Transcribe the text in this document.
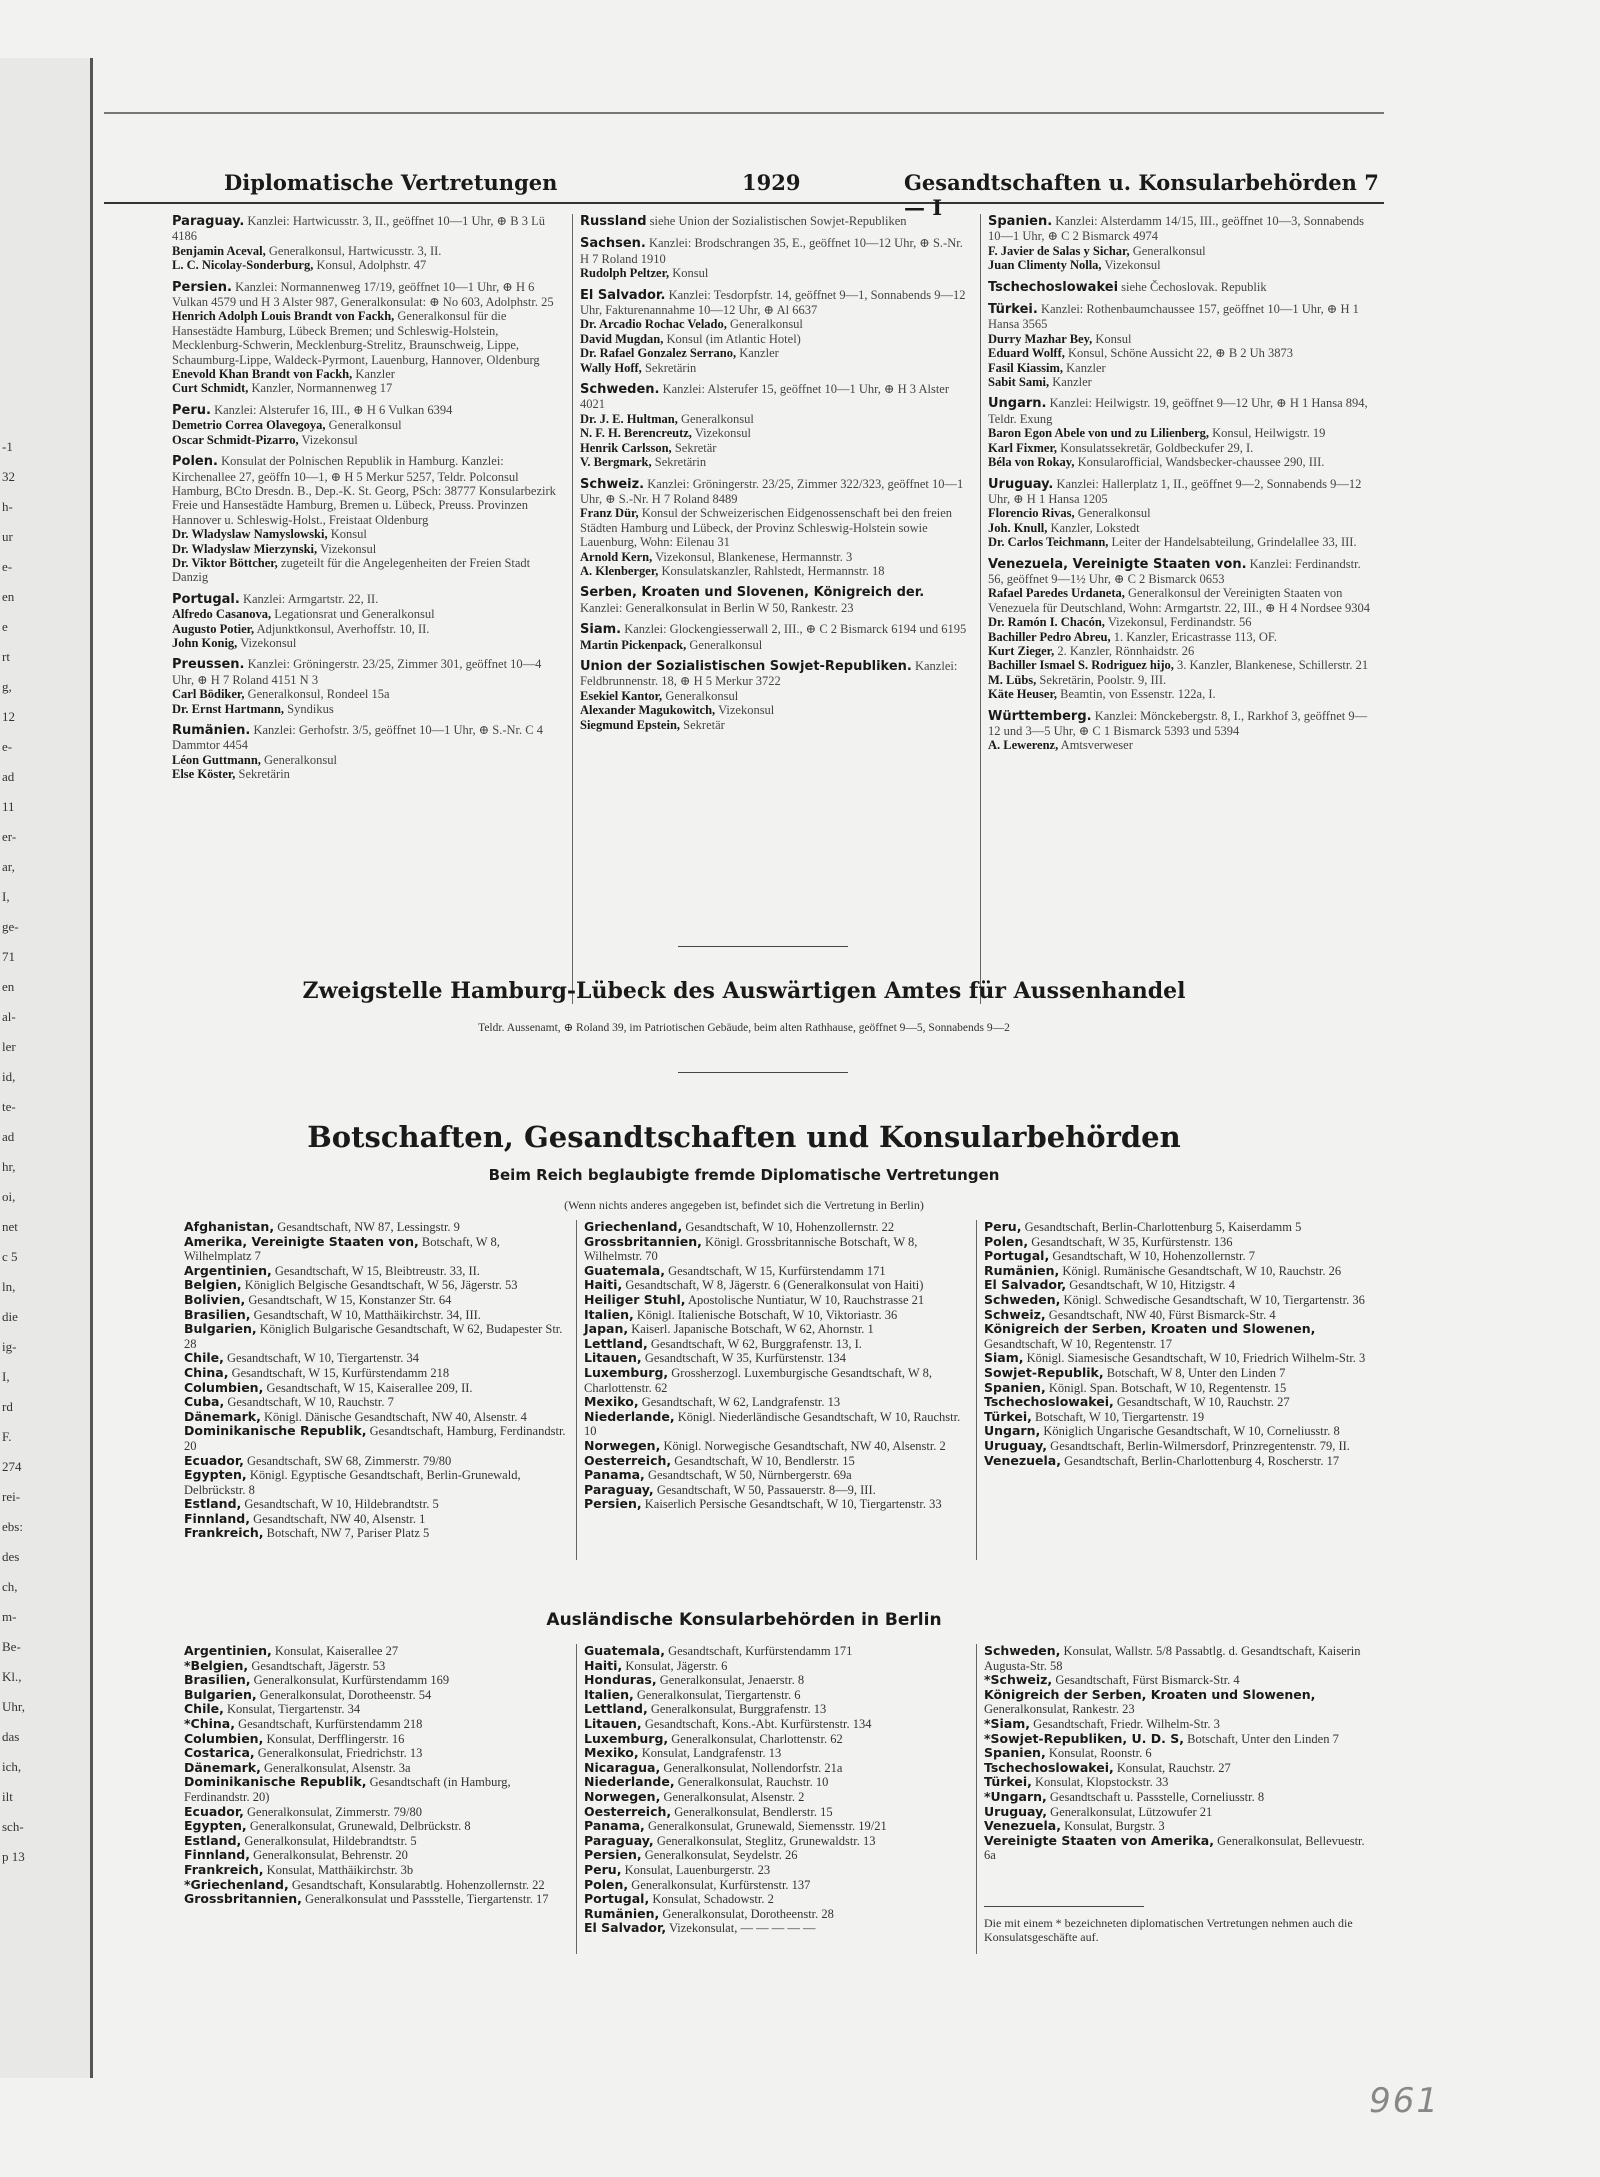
-1
32
h-
ur
e-
en
e
rt
g,
12
e-
ad
11
er-
ar,
I,
ge-
71
en
al-
ler
id,
te-
ad
hr,
oi,
net
c 5
ln,
die
ig-
I,
rd
F.
274
rei-
ebs:
des
ch,
m-
Be-
Kl.,
Uhr,
das
ich,
ilt
sch-
p 13
Diplomatische Vertretungen	1929	Gesandtschaften u. Konsularbehörden 7— I
Paraguay. Kanzlei: Hartwicusstr. 3, II., geöffnet 10—1 Uhr, ⊕ B 3 Lü 4186
Benjamin Aceval, Generalkonsul, Hartwicusstr. 3, II.
L. C. Nicolay-Sonderburg, Konsul, Adolphstr. 47
Persien. Kanzlei: Normannenweg 17/19, geöffnet 10—1 Uhr, ⊕ H 6 Vulkan 4579 und H 3 Alster 987, Generalkonsulat: ⊕ No 603, Adolphstr. 25
Henrich Adolph Louis Brandt von Fackh, Generalkonsul für die Hansestädte Hamburg, Lübeck Bremen; und Schleswig-Holstein, Mecklenburg-Schwerin, Mecklenburg-Strelitz, Braunschweig, Lippe, Schaumburg-Lippe, Waldeck-Pyrmont, Lauenburg, Hannover, Oldenburg
Enevold Khan Brandt von Fackh, Kanzler
Curt Schmidt, Kanzler, Normannenweg 17
Peru. Kanzlei: Alsterufer 16, III., ⊕ H 6 Vulkan 6394
Demetrio Correa Olavegoya, Generalkonsul
Oscar Schmidt-Pizarro, Vizekonsul
Polen. Konsulat der Polnischen Republik in Hamburg. Kanzlei: Kirchenallee 27, geöffn 10—1, ⊕ H 5 Merkur 5257, Teldr. Polconsul Hamburg, BCto Dresdn. B., Dep.-K. St. Georg, PSch: 38777 Konsularbezirk Freie und Hansestädte Hamburg, Bremen u. Lübeck, Preuss. Provinzen Hannover u. Schleswig-Holst., Freistaat Oldenburg
Dr. Wladyslaw Namyslowski, Konsul
Dr. Wladyslaw Mierzynski, Vizekonsul
Dr. Viktor Böttcher, zugeteilt für die Angelegenheiten der Freien Stadt Danzig
Portugal. Kanzlei: Armgartstr. 22, II.
Alfredo Casanova, Legationsrat und Generalkonsul
Augusto Potier, Adjunktkonsul, Averhoffstr. 10, II.
John Konig, Vizekonsul
Preussen. Kanzlei: Gröningerstr. 23/25, Zimmer 301, geöffnet 10—4 Uhr, ⊕ H 7 Roland 4151 N 3
Carl Bödiker, Generalkonsul, Rondeel 15a
Dr. Ernst Hartmann, Syndikus
Rumänien. Kanzlei: Gerhofstr. 3/5, geöffnet 10—1 Uhr, ⊕ S.-Nr. C 4 Dammtor 4454
Léon Guttmann, Generalkonsul
Else Köster, Sekretärin
Russland siehe Union der Sozialistischen Sowjet-Republiken
Sachsen. Kanzlei: Brodschrangen 35, E., geöffnet 10—12 Uhr, ⊕ S.-Nr. H 7 Roland 1910
Rudolph Peltzer, Konsul
El Salvador. Kanzlei: Tesdorpfstr. 14, geöffnet 9—1, Sonnabends 9—12 Uhr, Fakturenannahme 10—12 Uhr, ⊕ Al 6637
Dr. Arcadio Rochac Velado, Generalkonsul
David Mugdan, Konsul (im Atlantic Hotel)
Dr. Rafael Gonzalez Serrano, Kanzler
Wally Hoff, Sekretärin
Schweden. Kanzlei: Alsterufer 15, geöffnet 10—1 Uhr, ⊕ H 3 Alster 4021
Dr. J. E. Hultman, Generalkonsul
N. F. H. Berencreutz, Vizekonsul
Henrik Carlsson, Sekretär
V. Bergmark, Sekretärin
Schweiz. Kanzlei: Gröningerstr. 23/25, Zimmer 322/323, geöffnet 10—1 Uhr, ⊕ S.-Nr. H 7 Roland 8489
Franz Dür, Konsul der Schweizerischen Eidgenossenschaft bei den freien Städten Hamburg und Lübeck, der Provinz Schleswig-Holstein sowie Lauenburg, Wohn: Eilenau 31
Arnold Kern, Vizekonsul, Blankenese, Hermannstr. 3
A. Klenberger, Konsulatskanzler, Rahlstedt, Hermannstr. 18
Serben, Kroaten und Slovenen, Königreich der. Kanzlei: Generalkonsulat in Berlin W 50, Rankestr. 23
Siam. Kanzlei: Glockengiesserwall 2, III., ⊕ C 2 Bismarck 6194 und 6195
Martin Pickenpack, Generalkonsul
Union der Sozialistischen Sowjet-Republiken. Kanzlei: Feldbrunnenstr. 18, ⊕ H 5 Merkur 3722
Esekiel Kantor, Generalkonsul
Alexander Magukowitch, Vizekonsul
Siegmund Epstein, Sekretär
Spanien. Kanzlei: Alsterdamm 14/15, III., geöffnet 10—3, Sonnabends 10—1 Uhr, ⊕ C 2 Bismarck 4974
F. Javier de Salas y Sichar, Generalkonsul
Juan Climenty Nolla, Vizekonsul
Tschechoslowakei siehe Čechoslovak. Republik
Türkei. Kanzlei: Rothenbaumchaussee 157, geöffnet 10—1 Uhr, ⊕ H 1 Hansa 3565
Durry Mazhar Bey, Konsul
Eduard Wolff, Konsul, Schöne Aussicht 22, ⊕ B 2 Uh 3873
Fasil Kiassim, Kanzler
Sabit Sami, Kanzler
Ungarn. Kanzlei: Heilwigstr. 19, geöffnet 9—12 Uhr, ⊕ H 1 Hansa 894, Teldr. Exung
Baron Egon Abele von und zu Lilienberg, Konsul, Heilwigstr. 19
Karl Fixmer, Konsulatssekretär, Goldbeckufer 29, I.
Béla von Rokay, Konsularofficial, Wandsbecker-chaussee 290, III.
Uruguay. Kanzlei: Hallerplatz 1, II., geöffnet 9—2, Sonnabends 9—12 Uhr, ⊕ H 1 Hansa 1205
Florencio Rivas, Generalkonsul
Joh. Knull, Kanzler, Lokstedt
Dr. Carlos Teichmann, Leiter der Handelsabteilung, Grindelallee 33, III.
Venezuela, Vereinigte Staaten von. Kanzlei: Ferdinandstr. 56, geöffnet 9—1½ Uhr, ⊕ C 2 Bismarck 0653
Rafael Paredes Urdaneta, Generalkonsul der Vereinigten Staaten von Venezuela für Deutschland, Wohn: Armgartstr. 22, III., ⊕ H 4 Nordsee 9304
Dr. Ramón I. Chacón, Vizekonsul, Ferdinandstr. 56
Bachiller Pedro Abreu, 1. Kanzler, Ericastrasse 113, OF.
Kurt Zieger, 2. Kanzler, Rönnhaidstr. 26
Bachiller Ismael S. Rodriguez hijo, 3. Kanzler, Blankenese, Schillerstr. 21
M. Lübs, Sekretärin, Poolstr. 9, III.
Käte Heuser, Beamtin, von Essenstr. 122a, I.
Württemberg. Kanzlei: Mönckebergstr. 8, I., Rarkhof 3, geöffnet 9—12 und 3—5 Uhr, ⊕ C 1 Bismarck 5393 und 5394
A. Lewerenz, Amtsverweser
Zweigstelle Hamburg-Lübeck des Auswärtigen Amtes für Aussenhandel
Teldr. Aussenamt, ⊕ Roland 39, im Patriotischen Gebäude, beim alten Rathhause, geöffnet 9—5, Sonnabends 9—2
Botschaften, Gesandtschaften und Konsularbehörden
Beim Reich beglaubigte fremde Diplomatische Vertretungen
(Wenn nichts anderes angegeben ist, befindet sich die Vertretung in Berlin)
Afghanistan, Gesandtschaft, NW 87, Lessingstr. 9
Amerika, Vereinigte Staaten von, Botschaft, W 8, Wilhelmplatz 7
Argentinien, Gesandtschaft, W 15, Bleibtreustr. 33, II.
Belgien, Königlich Belgische Gesandtschaft, W 56, Jägerstr. 53
Bolivien, Gesandtschaft, W 15, Konstanzer Str. 64
Brasilien, Gesandtschaft, W 10, Matthäikirchstr. 34, III.
Bulgarien, Königlich Bulgarische Gesandtschaft, W 62, Budapester Str. 28
Chile, Gesandtschaft, W 10, Tiergartenstr. 34
China, Gesandtschaft, W 15, Kurfürstendamm 218
Columbien, Gesandtschaft, W 15, Kaiserallee 209, II.
Cuba, Gesandtschaft, W 10, Rauchstr. 7
Dänemark, Königl. Dänische Gesandtschaft, NW 40, Alsenstr. 4
Dominikanische Republik, Gesandtschaft, Hamburg, Ferdinandstr. 20
Ecuador, Gesandtschaft, SW 68, Zimmerstr. 79/80
Egypten, Königl. Egyptische Gesandtschaft, Berlin-Grunewald, Delbrückstr. 8
Estland, Gesandtschaft, W 10, Hildebrandtstr. 5
Finnland, Gesandtschaft, NW 40, Alsenstr. 1
Frankreich, Botschaft, NW 7, Pariser Platz 5
Griechenland, Gesandtschaft, W 10, Hohenzollernstr. 22
Grossbritannien, Königl. Grossbritannische Botschaft, W 8, Wilhelmstr. 70
Guatemala, Gesandtschaft, W 15, Kurfürstendamm 171
Haiti, Gesandtschaft, W 8, Jägerstr. 6 (Generalkonsulat von Haiti)
Heiliger Stuhl, Apostolische Nuntiatur, W 10, Rauchstrasse 21
Italien, Königl. Italienische Botschaft, W 10, Viktoriastr. 36
Japan, Kaiserl. Japanische Botschaft, W 62, Ahornstr. 1
Lettland, Gesandtschaft, W 62, Burggrafenstr. 13, I.
Litauen, Gesandtschaft, W 35, Kurfürstenstr. 134
Luxemburg, Grossherzogl. Luxemburgische Gesandtschaft, W 8, Charlottenstr. 62
Mexiko, Gesandtschaft, W 62, Landgrafenstr. 13
Niederlande, Königl. Niederländische Gesandtschaft, W 10, Rauchstr. 10
Norwegen, Königl. Norwegische Gesandtschaft, NW 40, Alsenstr. 2
Oesterreich, Gesandtschaft, W 10, Bendlerstr. 15
Panama, Gesandtschaft, W 50, Nürnbergerstr. 69a
Paraguay, Gesandtschaft, W 50, Passauerstr. 8—9, III.
Persien, Kaiserlich Persische Gesandtschaft, W 10, Tiergartenstr. 33
Peru, Gesandtschaft, Berlin-Charlottenburg 5, Kaiserdamm 5
Polen, Gesandtschaft, W 35, Kurfürstenstr. 136
Portugal, Gesandtschaft, W 10, Hohenzollernstr. 7
Rumänien, Königl. Rumänische Gesandtschaft, W 10, Rauchstr. 26
El Salvador, Gesandtschaft, W 10, Hitzigstr. 4
Schweden, Königl. Schwedische Gesandtschaft, W 10, Tiergartenstr. 36
Schweiz, Gesandtschaft, NW 40, Fürst Bismarck-Str. 4
Königreich der Serben, Kroaten und Slowenen, Gesandtschaft, W 10, Regentenstr. 17
Siam, Königl. Siamesische Gesandtschaft, W 10, Friedrich Wilhelm-Str. 3
Sowjet-Republik, Botschaft, W 8, Unter den Linden 7
Spanien, Königl. Span. Botschaft, W 10, Regentenstr. 15
Tschechoslowakei, Gesandtschaft, W 10, Rauchstr. 27
Türkei, Botschaft, W 10, Tiergartenstr. 19
Ungarn, Königlich Ungarische Gesandtschaft, W 10, Corneliusstr. 8
Uruguay, Gesandtschaft, Berlin-Wilmersdorf, Prinzregentenstr. 79, II.
Venezuela, Gesandtschaft, Berlin-Charlottenburg 4, Roscherstr. 17
Ausländische Konsularbehörden in Berlin
Argentinien, Konsulat, Kaiserallee 27
*Belgien, Gesandtschaft, Jägerstr. 53
Brasilien, Generalkonsulat, Kurfürstendamm 169
Bulgarien, Generalkonsulat, Dorotheenstr. 54
Chile, Konsulat, Tiergartenstr. 34
*China, Gesandtschaft, Kurfürstendamm 218
Columbien, Konsulat, Derfflingerstr. 16
Costarica, Generalkonsulat, Friedrichstr. 13
Dänemark, Generalkonsulat, Alsenstr. 3a
Dominikanische Republik, Gesandtschaft (in Hamburg, Ferdinandstr. 20)
Ecuador, Generalkonsulat, Zimmerstr. 79/80
Egypten, Generalkonsulat, Grunewald, Delbrückstr. 8
Estland, Generalkonsulat, Hildebrandtstr. 5
Finnland, Generalkonsulat, Behrenstr. 20
Frankreich, Konsulat, Matthäikirchstr. 3b
*Griechenland, Gesandtschaft, Konsularabtlg. Hohenzollernstr. 22
Grossbritannien, Generalkonsulat und Passstelle, Tiergartenstr. 17
Guatemala, Gesandtschaft, Kurfürstendamm 171
Haiti, Konsulat, Jägerstr. 6
Honduras, Generalkonsulat, Jenaerstr. 8
Italien, Generalkonsulat, Tiergartenstr. 6
Lettland, Generalkonsulat, Burggrafenstr. 13
Litauen, Gesandtschaft, Kons.-Abt. Kurfürstenstr. 134
Luxemburg, Generalkonsulat, Charlottenstr. 62
Mexiko, Konsulat, Landgrafenstr. 13
Nicaragua, Generalkonsulat, Nollendorfstr. 21a
Niederlande, Generalkonsulat, Rauchstr. 10
Norwegen, Generalkonsulat, Alsenstr. 2
Oesterreich, Generalkonsulat, Bendlerstr. 15
Panama, Generalkonsulat, Grunewald, Siemensstr. 19/21
Paraguay, Generalkonsulat, Steglitz, Grunewaldstr. 13
Persien, Generalkonsulat, Seydelstr. 26
Peru, Konsulat, Lauenburgerstr. 23
Polen, Generalkonsulat, Kurfürstenstr. 137
Portugal, Konsulat, Schadowstr. 2
Rumänien, Generalkonsulat, Dorotheenstr. 28
El Salvador, Vizekonsulat, — — — — —
Schweden, Konsulat, Wallstr. 5/8 Passabtlg. d. Gesandtschaft, Kaiserin Augusta-Str. 58
*Schweiz, Gesandtschaft, Fürst Bismarck-Str. 4
Königreich der Serben, Kroaten und Slowenen, Generalkonsulat, Rankestr. 23
*Siam, Gesandtschaft, Friedr. Wilhelm-Str. 3
*Sowjet-Republiken, U. D. S, Botschaft, Unter den Linden 7
Spanien, Konsulat, Roonstr. 6
Tschechoslowakei, Konsulat, Rauchstr. 27
Türkei, Konsulat, Klopstockstr. 33
*Ungarn, Gesandtschaft u. Passstelle, Corneliusstr. 8
Uruguay, Generalkonsulat, Lützowufer 21
Venezuela, Konsulat, Burgstr. 3
Vereinigte Staaten von Amerika, Generalkonsulat, Bellevuestr. 6a
Die mit einem * bezeichneten diplomatischen Vertretungen nehmen auch die Konsulatsgeschäfte auf.
961
